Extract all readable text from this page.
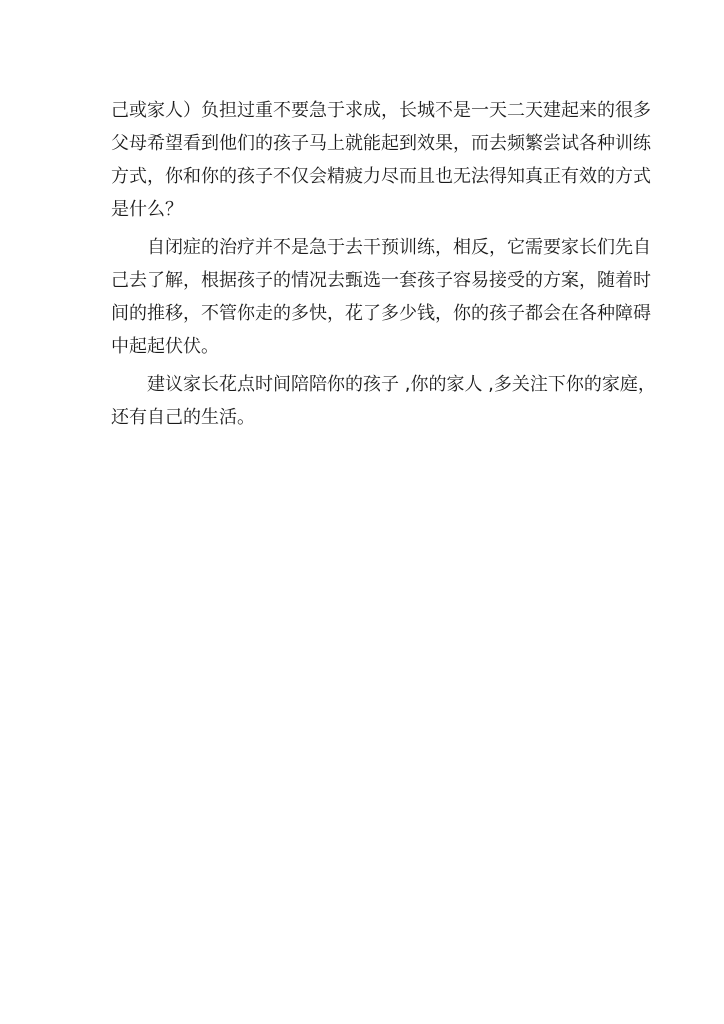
己或家人）负担过重不要急于求成，长城不是一天二天建起来的很多
父母希望看到他们的孩子马上就能起到效果，而去频繁尝试各种训练
方式，你和你的孩子不仅会精疲力尽而且也无法得知真正有效的方式
是什么？
自闭症的治疗并不是急于去干预训练，相反，它需要家长们先自
己去了解，根据孩子的情况去甄选一套孩子容易接受的方案，随着时
间的推移，不管你走的多快，花了多少钱，你的孩子都会在各种障碍
中起起伏伏。
建议家长花点时间陪陪你的孩子 ,你的家人 ,多关注下你的家庭，
还有自己的生活。
